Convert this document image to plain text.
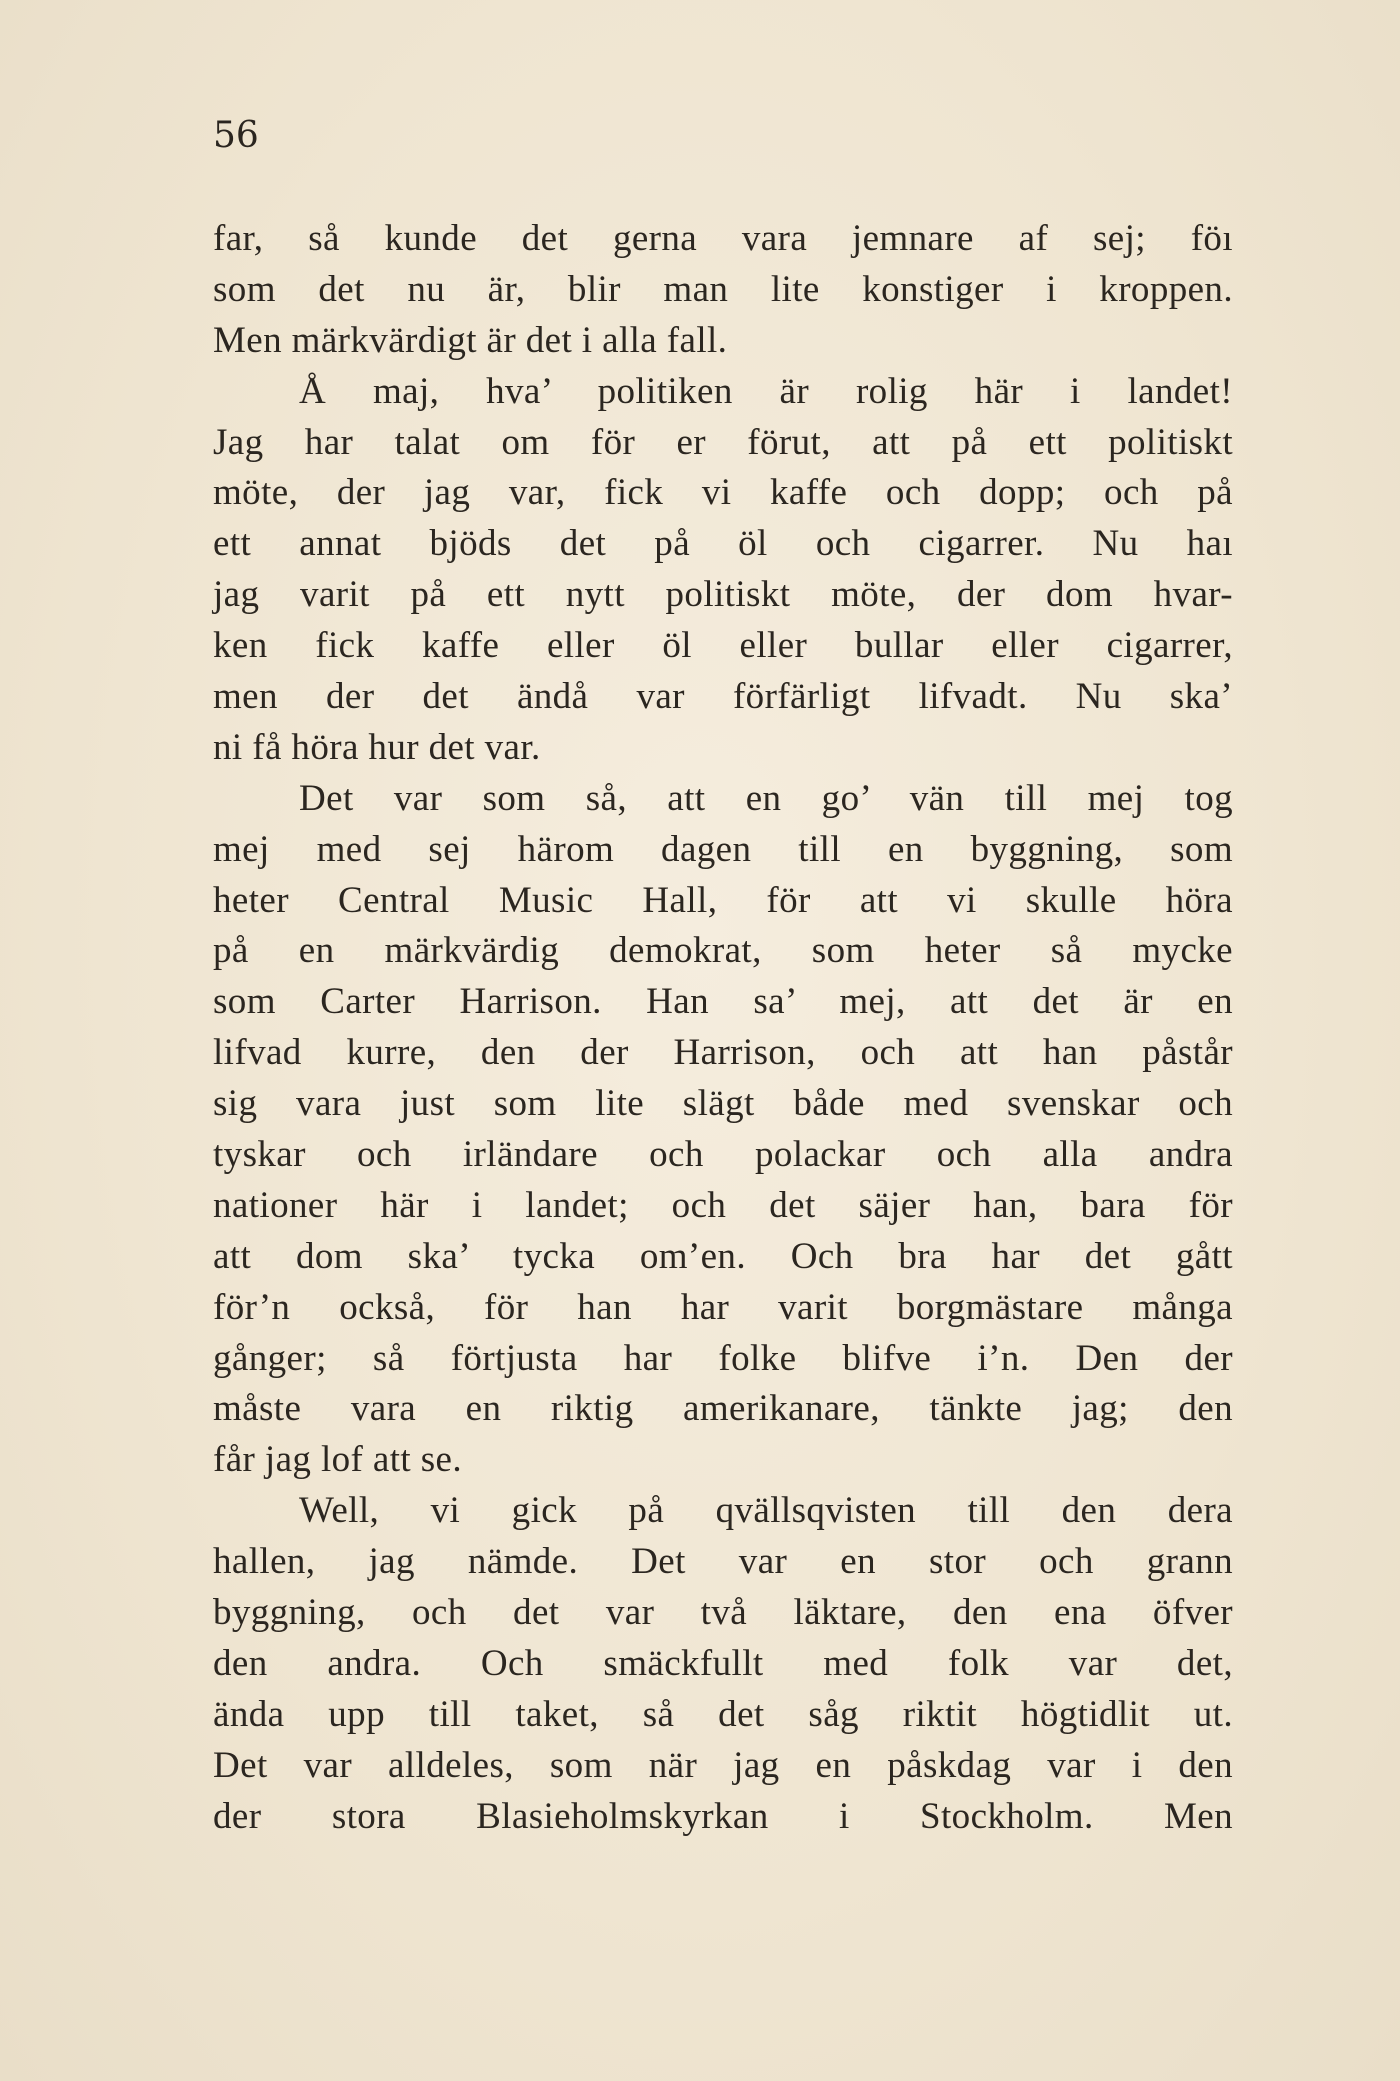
56
far, så kunde det gerna vara jemnare af sej; föı
som det nu är, blir man lite konstiger i kroppen.
Men märkvärdigt är det i alla fall.
Å maj, hva’ politiken är rolig här i landet!
Jag har talat om för er förut, att på ett politiskt
möte, der jag var, fick vi kaffe och dopp; och på
ett annat bjöds det på öl och cigarrer. Nu haı
jag varit på ett nytt politiskt möte, der dom hvar-
ken fick kaffe eller öl eller bullar eller cigarrer,
men der det ändå var förfärligt lifvadt. Nu ska’
ni få höra hur det var.
Det var som så, att en go’ vän till mej tog
mej med sej härom dagen till en byggning, som
heter Central Music Hall, för att vi skulle höra
på en märkvärdig demokrat, som heter så mycke
som Carter Harrison. Han sa’ mej, att det är en
lifvad kurre, den der Harrison, och att han påstår
sig vara just som lite slägt både med svenskar och
tyskar och irländare och polackar och alla andra
nationer här i landet; och det säjer han, bara för
att dom ska’ tycka om’en. Och bra har det gått
för’n också, för han har varit borgmästare många
gånger; så förtjusta har folke blifve i’n. Den der
måste vara en riktig amerikanare, tänkte jag; den
får jag lof att se.
Well, vi gick på qvällsqvisten till den dera
hallen, jag nämde. Det var en stor och grann
byggning, och det var två läktare, den ena öfver
den andra. Och smäckfullt med folk var det,
ända upp till taket, så det såg riktit högtidlit ut.
Det var alldeles, som när jag en påskdag var i den
der stora Blasieholmskyrkan i Stockholm. Men
